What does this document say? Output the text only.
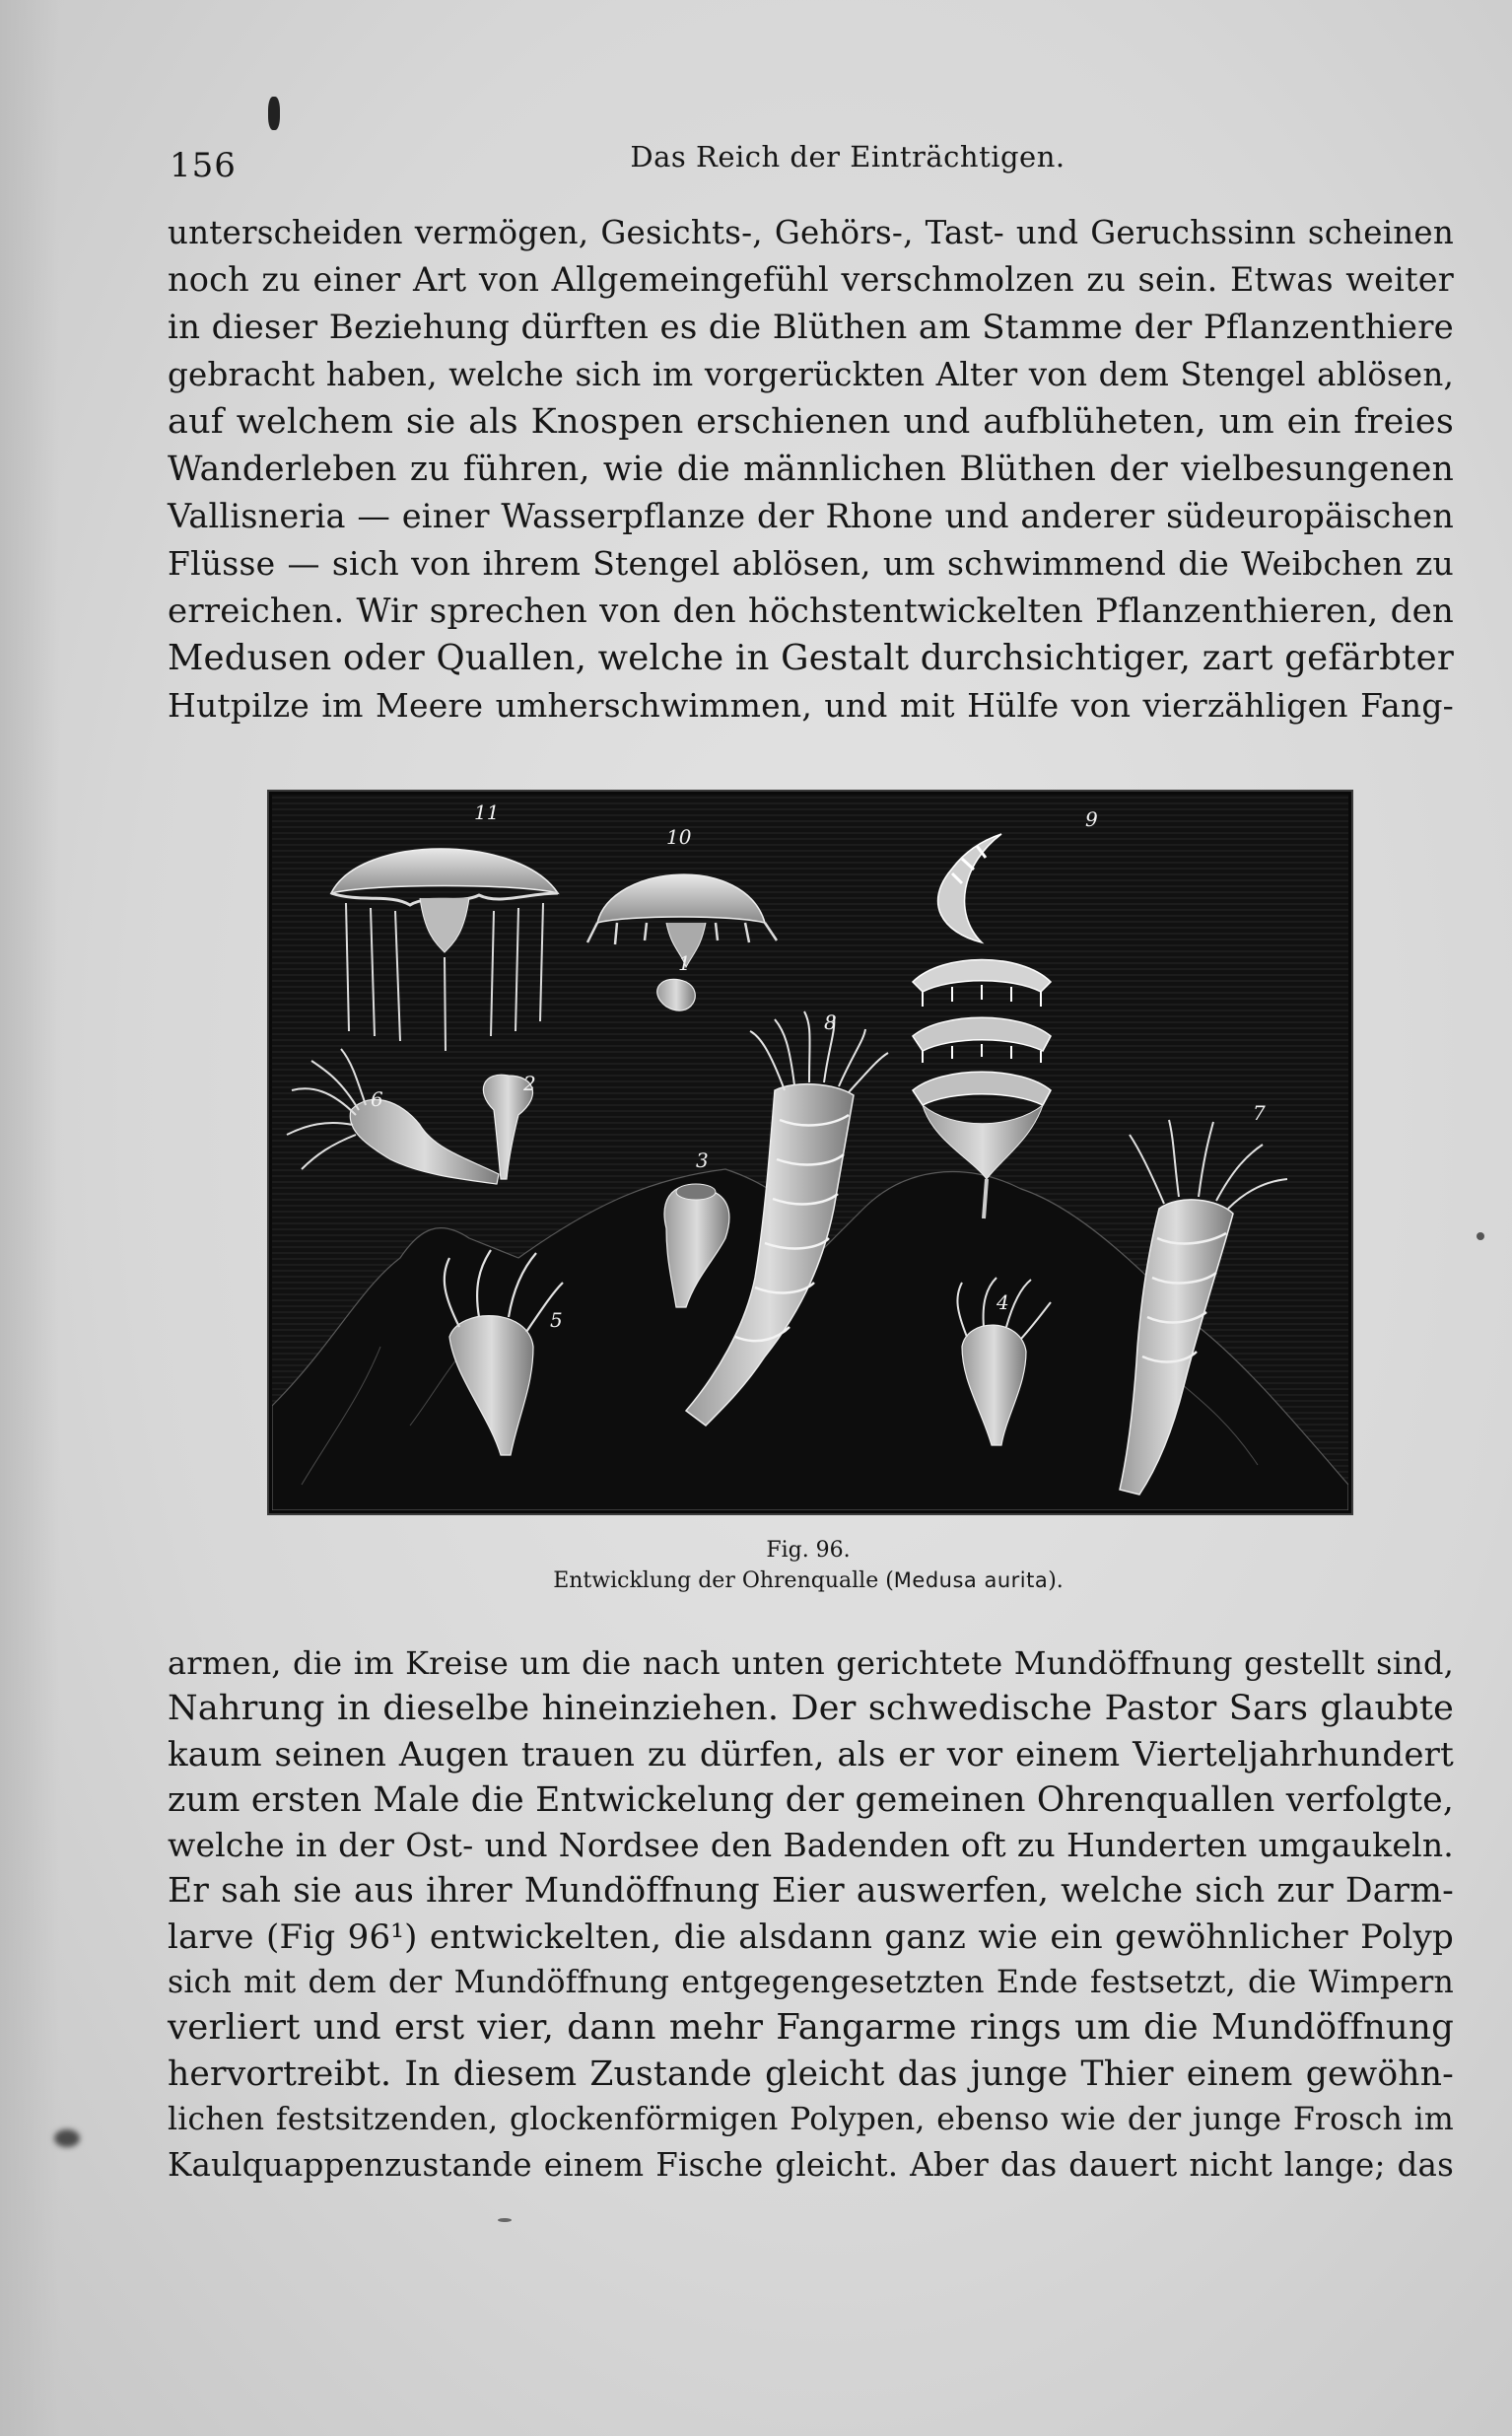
156	Das Reich der Einträchtigen.
unterscheiden vermögen, Gesichts-, Gehörs-, Tast- und Geruchssinn scheinen
noch zu einer Art von Allgemeingefühl verschmolzen zu sein. Etwas weiter
in dieser Beziehung dürften es die Blüthen am Stamme der Pflanzenthiere
gebracht haben, welche sich im vorgerückten Alter von dem Stengel ablösen,
auf welchem sie als Knospen erschienen und aufblüheten, um ein freies
Wanderleben zu führen, wie die männlichen Blüthen der vielbesungenen
Vallisneria — einer Wasserpflanze der Rhone und anderer südeuropäischen
Flüsse — sich von ihrem Stengel ablösen, um schwimmend die Weibchen zu
erreichen. Wir sprechen von den höchstentwickelten Pflanzenthieren, den
Medusen oder Quallen, welche in Gestalt durchsichtiger, zart gefärbter
Hutpilze im Meere umherschwimmen, und mit Hülfe von vierzähligen Fang-
11
10
9
1
8
2
6
3
7
5
4
Fig. 96.
Entwicklung der Ohrenqualle (Medusa aurita).
armen, die im Kreise um die nach unten gerichtete Mundöffnung gestellt sind,
Nahrung in dieselbe hineinziehen. Der schwedische Pastor Sars glaubte
kaum seinen Augen trauen zu dürfen, als er vor einem Vierteljahrhundert
zum ersten Male die Entwickelung der gemeinen Ohrenquallen verfolgte,
welche in der Ost- und Nordsee den Badenden oft zu Hunderten umgaukeln.
Er sah sie aus ihrer Mundöffnung Eier auswerfen, welche sich zur Darm-
larve (Fig 96¹) entwickelten, die alsdann ganz wie ein gewöhnlicher Polyp
sich mit dem der Mundöffnung entgegengesetzten Ende festsetzt, die Wimpern
verliert und erst vier, dann mehr Fangarme rings um die Mundöffnung
hervortreibt. In diesem Zustande gleicht das junge Thier einem gewöhn-
lichen festsitzenden, glockenförmigen Polypen, ebenso wie der junge Frosch im
Kaulquappenzustande einem Fische gleicht. Aber das dauert nicht lange; das
